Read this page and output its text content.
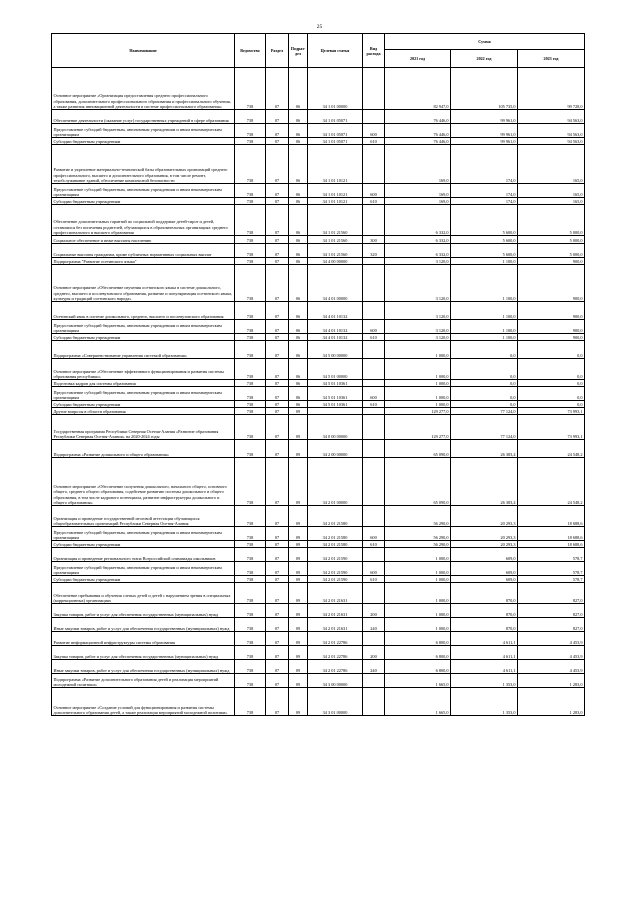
25
Наименование	Ведомство	Раздел	Подраз-дел	Целевая статья	Вид расхода	Сумма		
						2021 год	2022 год	2023 год
Основное мероприятие «Организация предоставления среднего профессионального образования, дополнительного профессионального образования и профессионального обучения, а также развития инновационной деятельности в системе профессионального образования»	738	07	06	34 1 01 00000		82 947,0	105 735,0	99 728,0
Обеспечение деятельности (оказание услуг) государственных учреждений в сфере образования	738	07	06	34 1 01 05071		76 446,0	99 961,0	94 563,0
Предоставление субсидий бюджетным, автономным учреждениям и иным некоммерческим организациям	738	07	06	34 1 01 05071	600	76 446,0	99 961,0	94 563,0
Субсидии бюджетным учреждениям	738	07	06	34 1 01 05071	610	76 446,0	99 961,0	94 563,0
Развитие и укрепление материально-технической базы образовательных организаций среднего профессионального, высшего и дополнительного образования, в том числе ремонт, техобслуживание зданий, обеспечение комплексной безопасности	738	07	06	34 1 01 10121		169,0	174,0	165,0
Предоставление субсидий бюджетным, автономным учреждениям и иным некоммерческим организациям	738	07	06	34 1 01 10121	600	169,0	174,0	165,0
Субсидии бюджетным учреждениям	738	07	06	34 1 01 10121	610	169,0	174,0	165,0
Обеспечение дополнительных гарантий по социальной поддержке детей-сирот и детей, оставшихся без попечения родителей, обучающихся в образовательных организациях среднего профессионального и высшего образования	738	07	06	34 1 01 21560		6 332,0	5 600,0	5 000,0
Социальное обеспечение и иные выплаты населению	738	07	06	34 1 01 21560	300	6 332,0	5 600,0	5 000,0
Социальные выплаты гражданам, кроме публичных нормативных социальных выплат	738	07	06	34 1 01 21560	320	6 332,0	5 600,0	5 000,0
Подпрограмма "Развитие осетинского языка"	738	07	06	34 4 00 00000		3 120,0	1 100,0	900,0
Основное мероприятие «Обеспечение изучения осетинского языка в системе дошкольного, среднего, высшего и послевузовского образования, развитие и популяризация осетинского языка, культуры и традиций осетинского народа»	738	07	06	34 4 01 00000		3 120,0	1 100,0	900,0
Осетинский язык в системе дошкольного, среднего, высшего и послевузовского образования	738	07	06	34 4 01 10132		3 120,0	1 100,0	900,0
Предоставление субсидий бюджетным, автономным учреждениям и иным некоммерческим организациям	738	07	06	34 4 01 10132	600	3 120,0	1 100,0	900,0
Субсидии бюджетным учреждениям	738	07	06	34 4 01 10132	610	3 120,0	1 100,0	900,0
Подпрограмма «Совершенствование управления системой образования»	738	07	06	34 5 00 00000		1 000,0	0,0	0,0
Основное мероприятие «Обеспечение эффективного функционирования и развития системы образования республики»	738	07	06	34 5 01 00000		1 000,0	0,0	0,0
Подготовка кадров для системы образования	738	07	06	34 5 01 10361		1 000,0	0,0	0,0
Предоставление субсидий бюджетным, автономным учреждениям и иным некоммерческим организациям	738	07	06	34 5 01 10361	600	1 000,0	0,0	0,0
Субсидии бюджетным учреждениям	738	07	06	34 5 01 10361	610	1 000,0	0,0	0,0
Другие вопросы в области образования	738	07	09			129 277,0	77 124,0	73 993,1
Государственная программа Республики Северная Осетия-Алания «Развитие образования Республики Северная Осетия-Алания» на 2020-2024 годы	738	07	09	34 0 00 00000		129 277,0	77 124,0	73 993,1
Подпрограмма «Развитие дошкольного и общего образования»	738	07	09	34 2 00 00000		65 090,0	26 383,4	24 548,2
Основное мероприятие «Обеспечение получения дошкольного, начального общего, основного общего, среднего общего образования, содействие развитию системы дошкольного и общего образования, в том числе кадрового потенциала, развитие инфраструктуры дошкольного и общего образования»	738	07	09	34 2 01 00000		65 090,0	26 383,4	24 548,2
Организация и проведение государственной итоговой аттестации обучающихся общеобразовательных организаций Республики Северная Осетия-Алания	738	07	09	34 2 01 21580		56 290,0	20 293,3	18 688,6
Предоставление субсидий бюджетным, автономным учреждениям и иным некоммерческим организациям	738	07	09	34 2 01 21580	600	56 290,0	20 293,3	18 688,6
Субсидии бюджетным учреждениям	738	07	09	34 2 01 21580	610	56 290,0	20 293,3	18 688,6
Организация и проведение регионального этапа Всероссийской олимпиады школьников	738	07	09	34 2 01 21590		1 000,0	609,0	578,7
Предоставление субсидий бюджетным, автономным учреждениям и иным некоммерческим организациям	738	07	09	34 2 01 21590	600	1 000,0	609,0	578,7
Субсидии бюджетным учреждениям	738	07	09	34 2 01 21590	610	1 000,0	609,0	578,7
Обеспечение пребывания и обучения слепых детей и детей с нарушением зрения в специальных (коррекционных) организациях	738	07	09	34 2 01 21631		1 000,0	870,0	827,0
Закупка товаров, работ и услуг для обеспечения государственных (муниципальных) нужд	738	07	09	34 2 01 21631	200	1 000,0	870,0	827,0
Иные закупки товаров, работ и услуг для обеспечения государственных (муниципальных) нужд	738	07	09	34 2 01 21631	240	1 000,0	870,0	827,0
Развитие информационной инфраструктуры системы образования	738	07	09	34 2 01 22786		6 800,0	4 611,1	4 453,9
Закупка товаров, работ и услуг для обеспечения государственных (муниципальных) нужд	738	07	09	34 2 01 22786	200	6 800,0	4 611,1	4 453,9
Иные закупки товаров, работ и услуг для обеспечения государственных (муниципальных) нужд	738	07	09	34 2 01 22786	240	6 800,0	4 611,1	4 453,9
Подпрограмма «Развитие дополнительного образования детей и реализация мероприятий молодежной политики»	738	07	09	34 3 00 00000		1 665,0	1 353,0	1 283,0
Основное мероприятие «Создание условий для функционирования и развития системы дополнительного образования детей, а также реализация мероприятий молодежной политики»	738	07	09	34 3 01 00000		1 665,0	1 353,0	1 283,0
